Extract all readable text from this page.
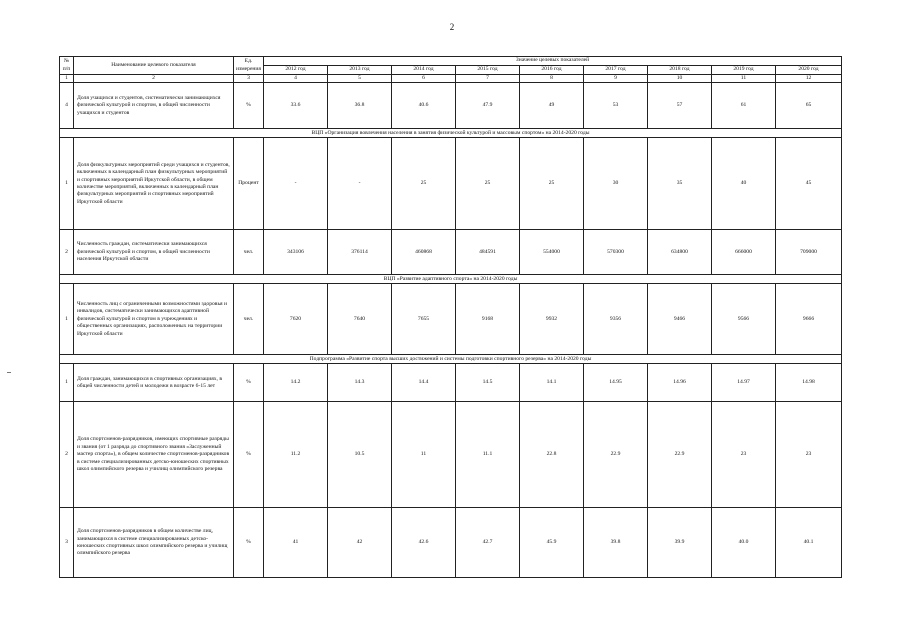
2
№ п/п	Наименование целевого показателя	Ед. измерения	Значение целевых показателей								
			2012 год	2013 год	2014 год	2015 год	2016 год	2017 год	2018 год	2019 год	2020 год
1	2	3	4	5	6	7	8	9	10	11	12
4	Доля учащихся и студентов, систематически занимающихся физической культурой и спортом, в общей численности учащихся и студентов	%	33.6	36.8	40.6	47.9	49	53	57	61	65
ВЦП «Организация вовлечения населения в занятия физической культурой и массовым спортом» на 2014-2020 годы											
1	Доля физкультурных мероприятий среди учащихся и студентов, включенных в календарный план физкультурных мероприятий и спортивных мероприятий Иркутской области, в общем количестве мероприятий, включенных в календарный план физкультурных мероприятий и спортивных мероприятий Иркутской области	Процент	-	-	25	25	25	30	35	40	45
2	Численность граждан, систематически занимающихся физической культурой и спортом, в общей численности населения Иркутской области	чел.	343106	376114	460868	484591	554000	570300	634800	666000	709000
ВЦП «Развитие адаптивного спорта» на 2014-2020 годы											
1	Численность лиц с ограниченными возможностями здоровья и инвалидов, систематически занимающихся адаптивной физической культурой и спортом в учреждениях и общественных организациях, расположенных на территории Иркутской области	чел.	7620	7640	7655	9168	9932	9356	9466	9566	9666
Подпрограмма «Развитие спорта высших достижений и системы подготовки спортивного резерва» на 2014-2020 годы											
1	Доля граждан, занимающихся в спортивных организациях, в общей численности детей и молодежи в возрасте 6-15 лет	%	14.2	14.3	14.4	14.5	14.1	14.95	14.96	14.97	14.98
2	Доля спортсменов-разрядников, имеющих спортивные разряды и звания (от 1 разряда до спортивного звания «Заслуженный мастер спорта»), в общем количестве спортсменов-разрядников в системе специализированных детско-юношеских спортивных школ олимпийского резерва и училищ олимпийского резерва	%	11.2	10.5	11	11.1	22.8	22.9	22.9	23	23
3	Доля спортсменов-разрядников в общем количестве лиц, занимающихся в системе специализированных детско-юношеских спортивных школ олимпийского резерва и училищ олимпийского резерва	%	41	42	42.6	42.7	45.9	39.8	39.9	40.0	40.1
